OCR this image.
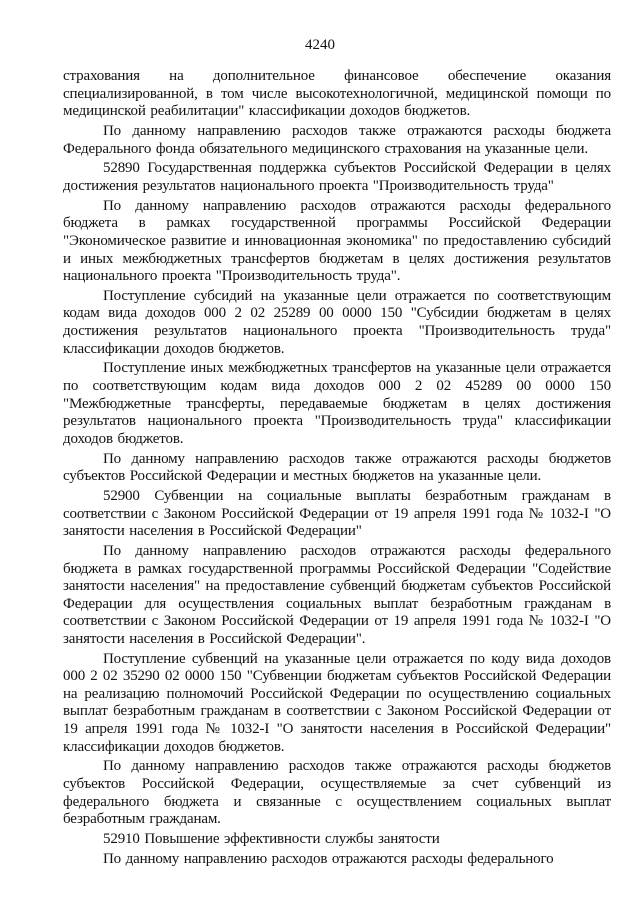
4240

страхования на дополнительное финансовое обеспечение оказания специализированной, в том числе высокотехнологичной, медицинской помощи по медицинской реабилитации" классификации доходов бюджетов.

По данному направлению расходов также отражаются расходы бюджета Федерального фонда обязательного медицинского страхования на указанные цели.

52890 Государственная поддержка субъектов Российской Федерации в целях достижения результатов национального проекта "Производительность труда"

По данному направлению расходов отражаются расходы федерального бюджета в рамках государственной программы Российской Федерации "Экономическое развитие и инновационная экономика" по предоставлению субсидий и иных межбюджетных трансфертов бюджетам в целях достижения результатов национального проекта "Производительность труда".

Поступление субсидий на указанные цели отражается по соответствующим кодам вида доходов 000 2 02 25289 00 0000 150 "Субсидии бюджетам в целях достижения результатов национального проекта "Производительность труда" классификации доходов бюджетов.

Поступление иных межбюджетных трансфертов на указанные цели отражается по соответствующим кодам вида доходов 000 2 02 45289 00 0000 150 "Межбюджетные трансферты, передаваемые бюджетам в целях достижения результатов национального проекта "Производительность труда" классификации доходов бюджетов.

По данному направлению расходов также отражаются расходы бюджетов субъектов Российской Федерации и местных бюджетов на указанные цели.

52900 Субвенции на социальные выплаты безработным гражданам в соответствии с Законом Российской Федерации от 19 апреля 1991 года № 1032-I "О занятости населения в Российской Федерации"

По данному направлению расходов отражаются расходы федерального бюджета в рамках государственной программы Российской Федерации "Содействие занятости населения" на предоставление субвенций бюджетам субъектов Российской Федерации для осуществления социальных выплат безработным гражданам в соответствии с Законом Российской Федерации от 19 апреля 1991 года № 1032-I "О занятости населения в Российской Федерации".

Поступление субвенций на указанные цели отражается по коду вида доходов 000 2 02 35290 02 0000 150 "Субвенции бюджетам субъектов Российской Федерации на реализацию полномочий Российской Федерации по осуществлению социальных выплат безработным гражданам в соответствии с Законом Российской Федерации от 19 апреля 1991 года № 1032-I "О занятости населения в Российской Федерации" классификации доходов бюджетов.

По данному направлению расходов также отражаются расходы бюджетов субъектов Российской Федерации, осуществляемые за счет субвенций из федерального бюджета и связанные с осуществлением социальных выплат безработным гражданам.

52910 Повышение эффективности службы занятости

По данному направлению расходов отражаются расходы федерального
